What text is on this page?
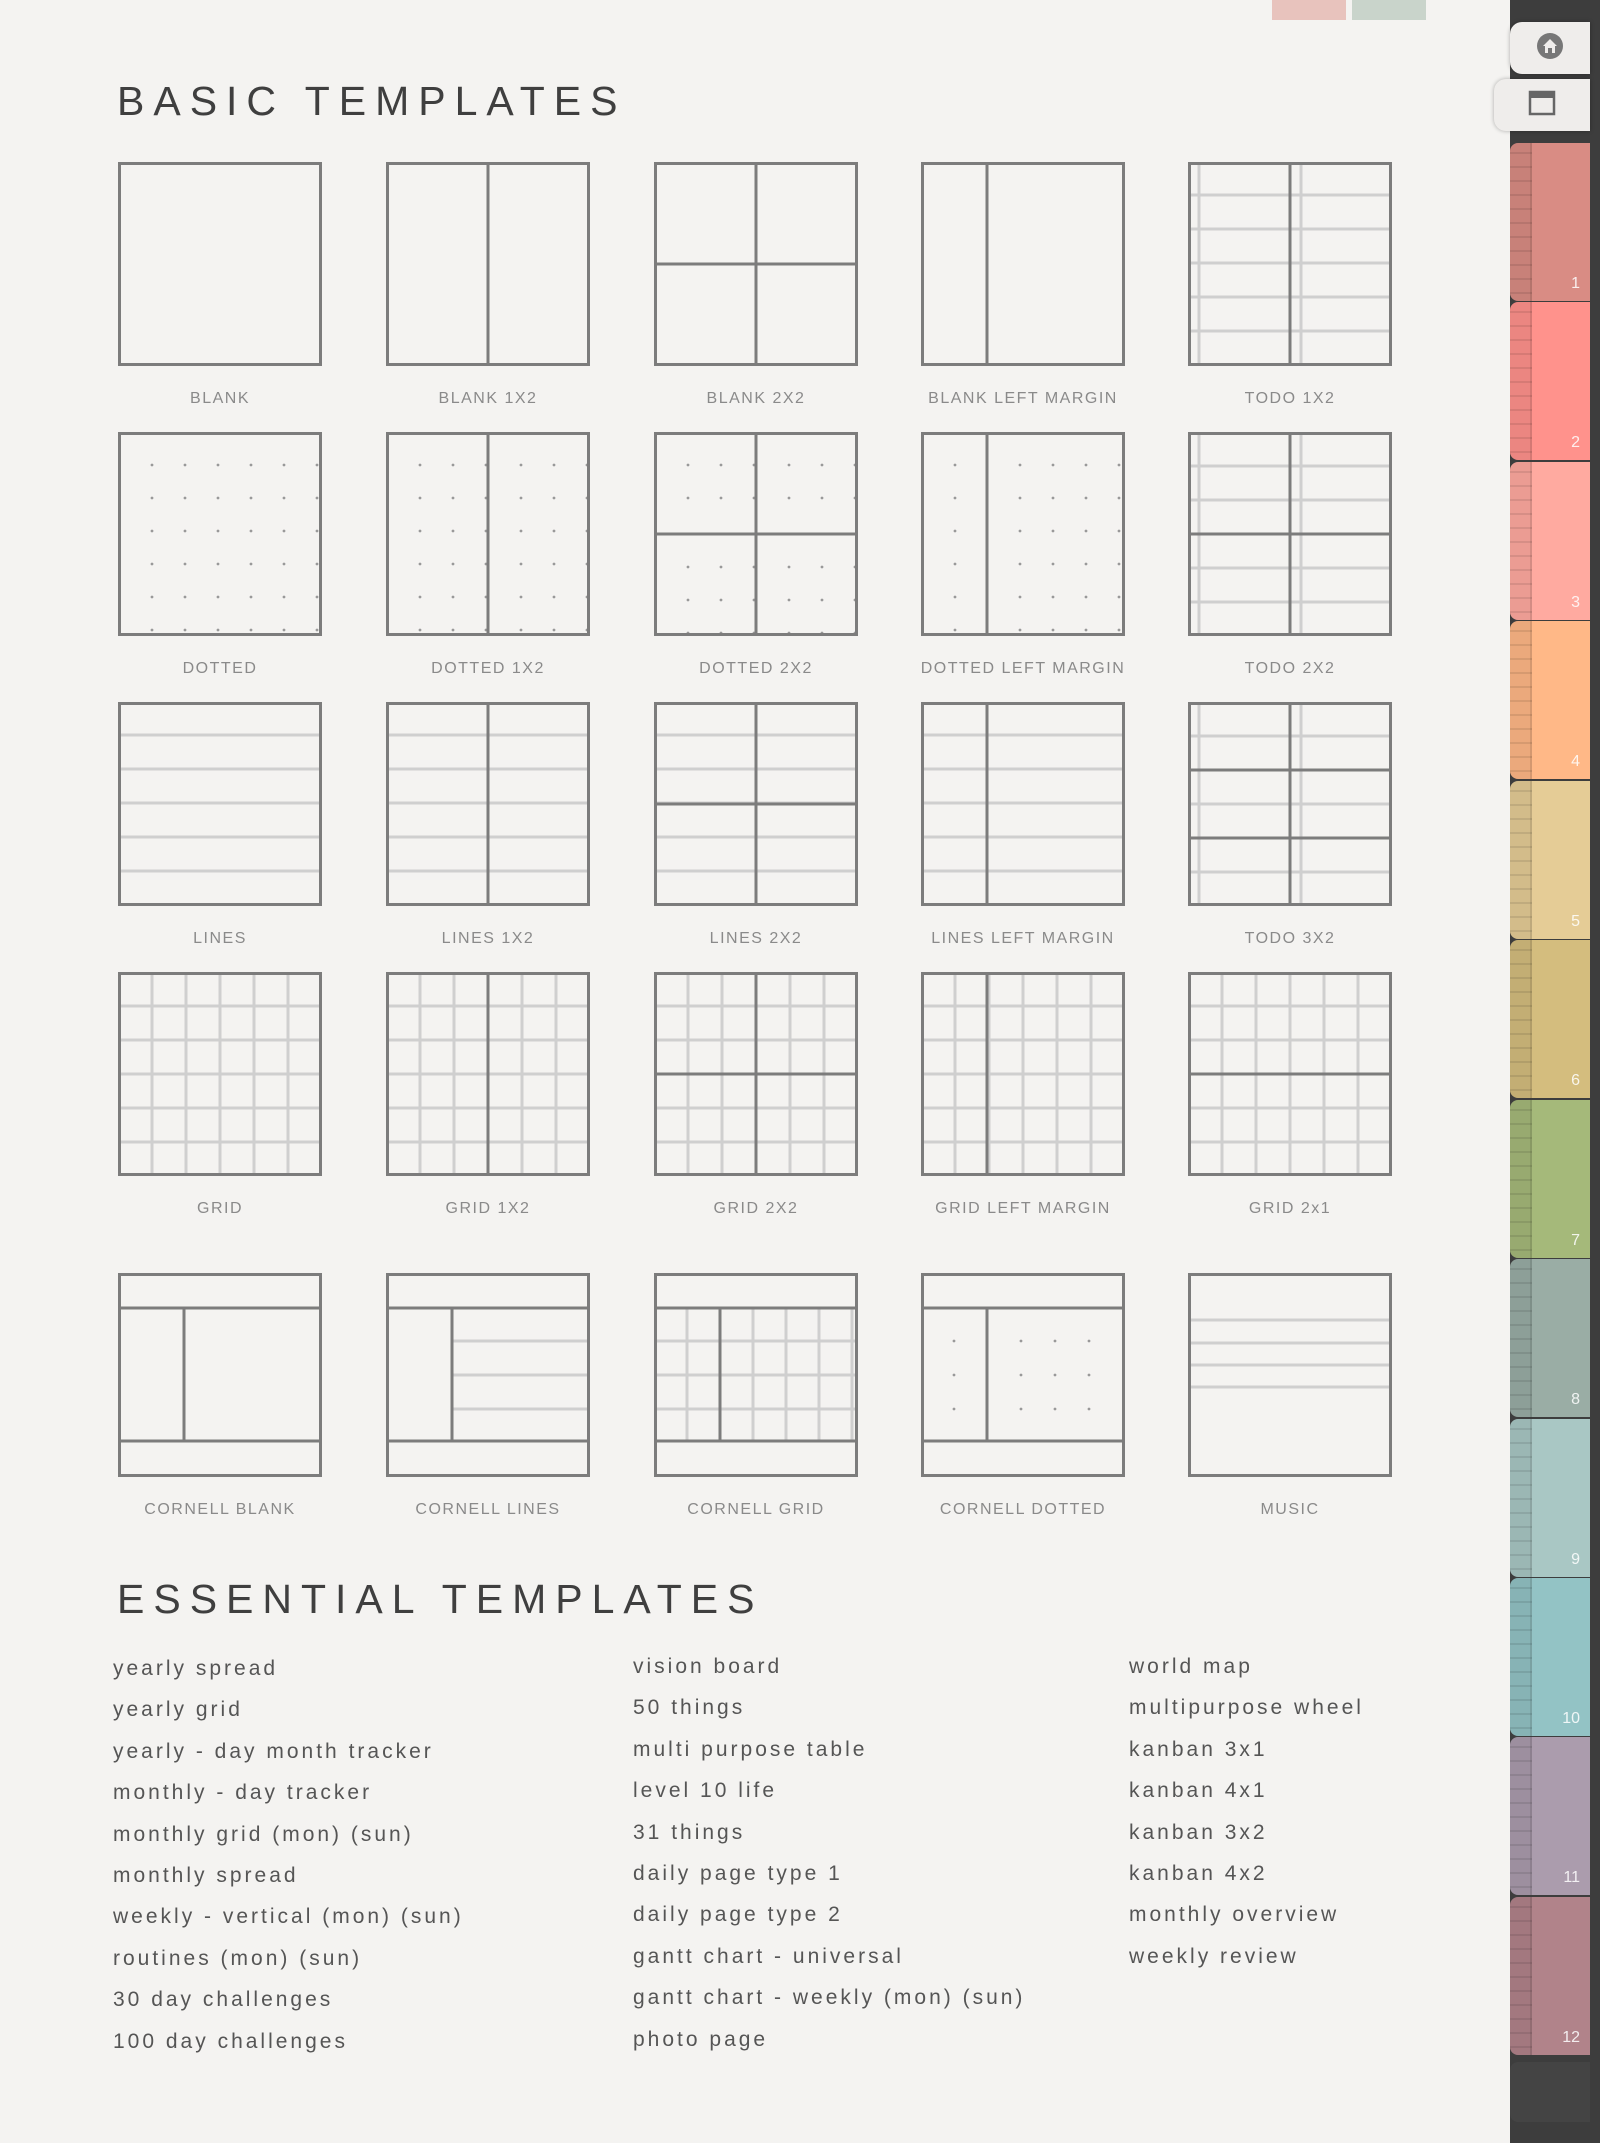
BASIC TEMPLATES
BLANK	BLANK 1X2	BLANK 2X2	BLANK LEFT MARGIN	TODO 1X2
DOTTED	DOTTED 1X2	DOTTED 2X2	DOTTED LEFT MARGIN	TODO 2X2
LINES	LINES 1X2	LINES 2X2	LINES LEFT MARGIN	TODO 3X2
GRID	GRID 1X2	GRID 2X2	GRID LEFT MARGIN	GRID 2x1
CORNELL BLANK	CORNELL LINES	CORNELL GRID	CORNELL DOTTED	MUSIC
ESSENTIAL TEMPLATES
yearly spread
yearly grid
yearly - day month tracker
monthly - day tracker
monthly grid (mon) (sun)
monthly spread
weekly - vertical (mon) (sun)
routines (mon) (sun)
30 day challenges
100 day challenges
vision board
50 things
multi purpose table
level 10 life
31 things
daily page type 1
daily page type 2
gantt chart - universal
gantt chart - weekly (mon) (sun)
photo page
world map
multipurpose wheel
kanban 3x1
kanban 4x1
kanban 3x2
kanban 4x2
monthly overview
weekly review
1
2
3
4
5
6
7
8
9
10
11
12
